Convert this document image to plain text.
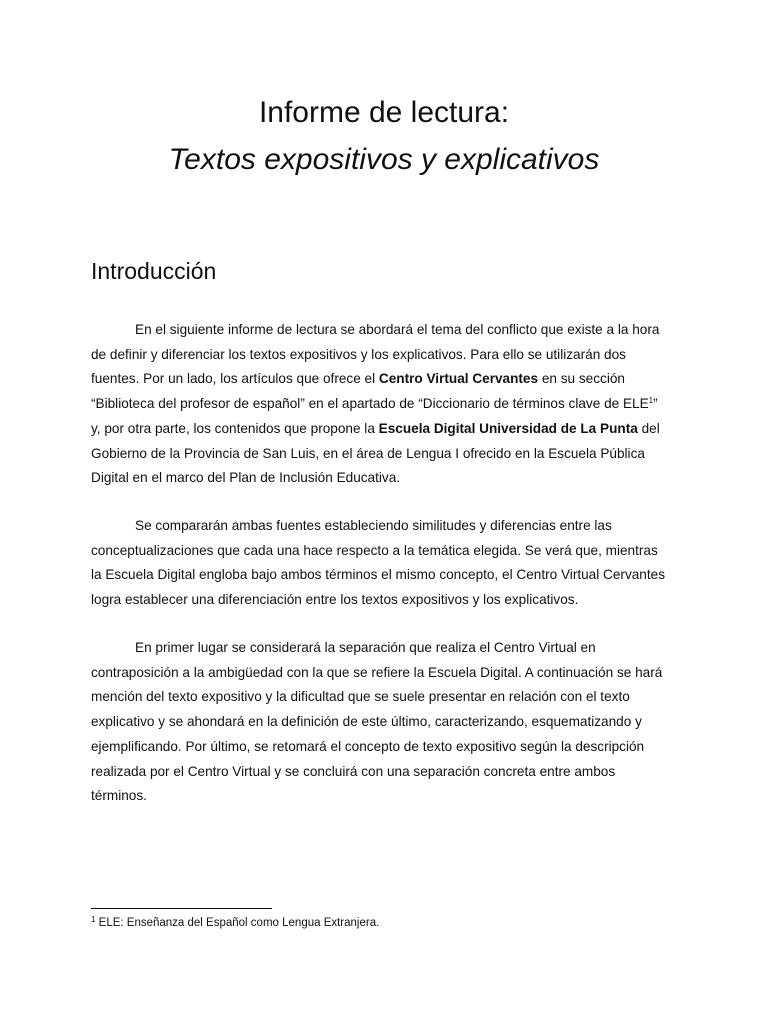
Informe de lectura:
Textos expositivos y explicativos
Introducción

En el siguiente informe de lectura se abordará el tema del conflicto que existe a la hora
de definir y diferenciar los textos expositivos y los explicativos. Para ello se utilizarán dos
fuentes. Por un lado, los artículos que ofrece el Centro Virtual Cervantes en su sección
“Biblioteca del profesor de español” en el apartado de “Diccionario de términos clave de ELE$^1$”
y, por otra parte, los contenidos que propone la Escuela Digital Universidad de La Punta del
Gobierno de la Provincia de San Luis, en el área de Lengua I ofrecido en la Escuela Pública
Digital en el marco del Plan de Inclusión Educativa.

Se compararán ambas fuentes estableciendo similitudes y diferencias entre las
conceptualizaciones que cada una hace respecto a la temática elegida. Se verá que, mientras
la Escuela Digital engloba bajo ambos términos el mismo concepto, el Centro Virtual Cervantes
logra establecer una diferenciación entre los textos expositivos y los explicativos.

En primer lugar se considerará la separación que realiza el Centro Virtual en
contraposición a la ambigüedad con la que se refiere la Escuela Digital. A continuación se hará
mención del texto expositivo y la dificultad que se suele presentar en relación con el texto
explicativo y se ahondará en la definición de este último, caracterizando, esquematizando y
ejemplificando. Por último, se retomará el concepto de texto expositivo según la descripción
realizada por el Centro Virtual y se concluirá con una separación concreta entre ambos
términos.

$^1$ ELE: Enseñanza del Español como Lengua Extranjera.
